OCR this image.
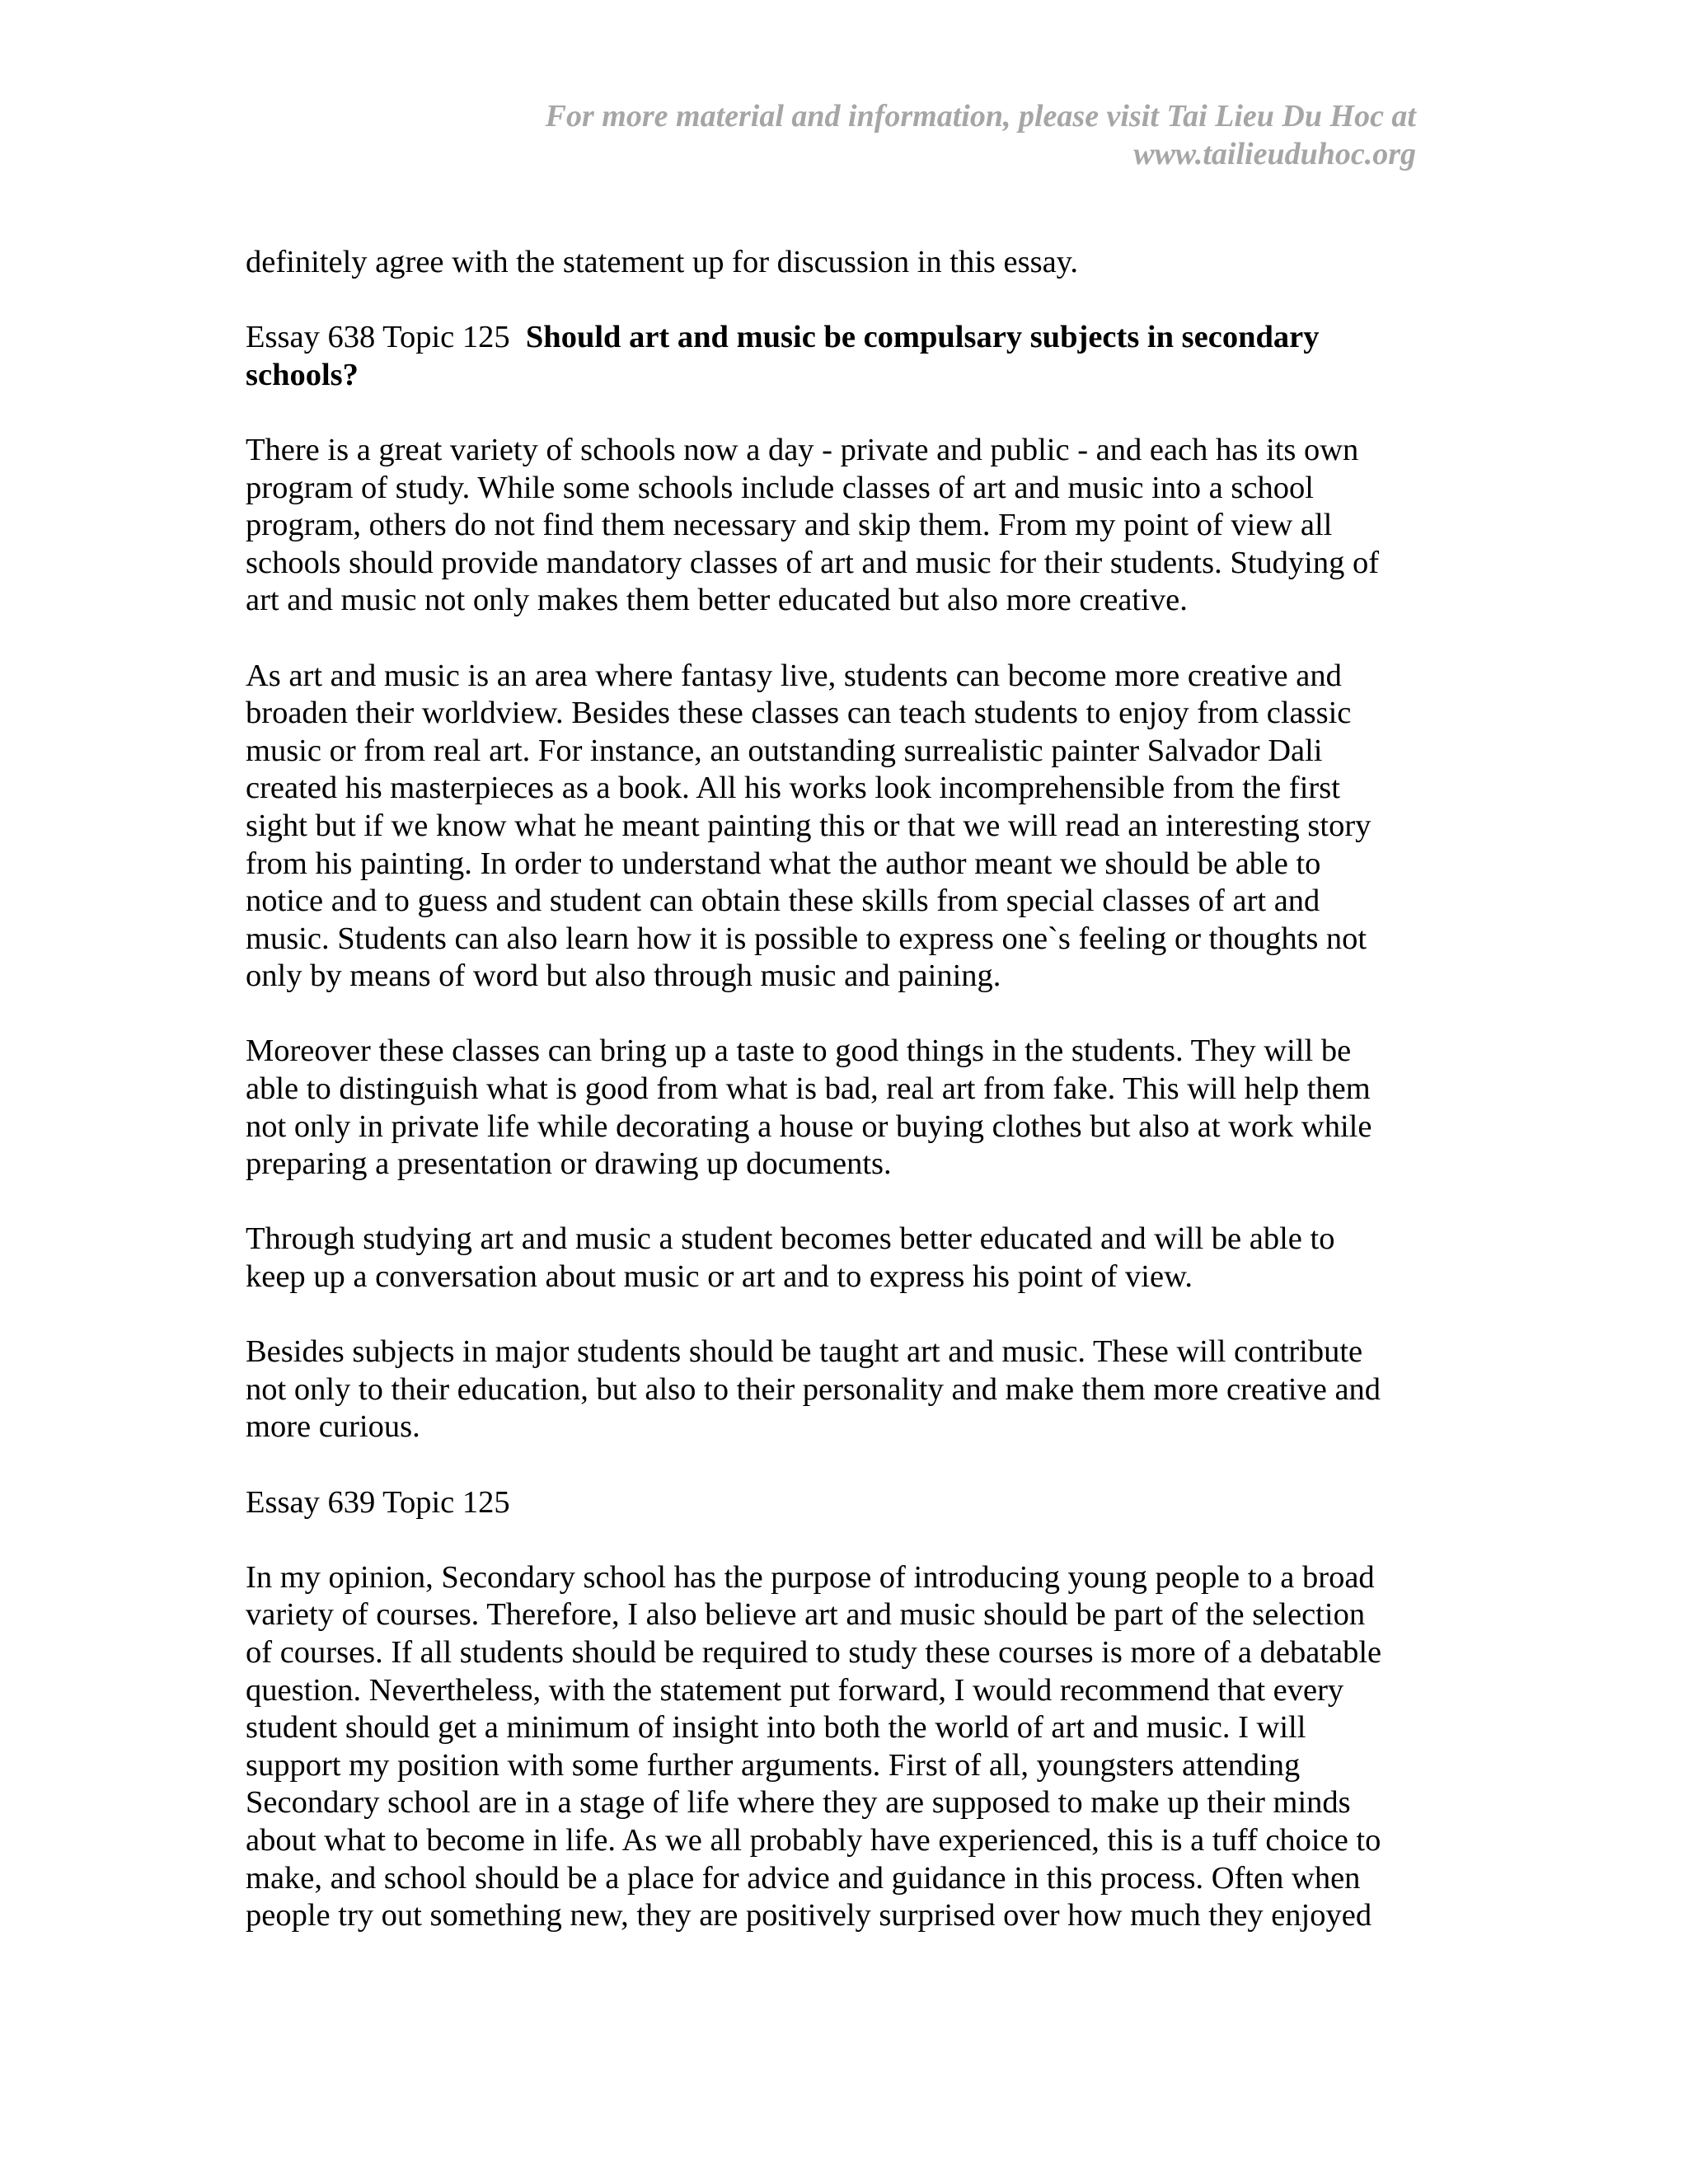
For more material and information, please visit Tai Lieu Du Hoc at
www.tailieuduhoc.org

definitely agree with the statement up for discussion in this essay.

Essay 638 Topic 125 Should art and music be compulsary subjects in secondary
schools?

There is a great variety of schools now a day - private and public - and each has its own
program of study. While some schools include classes of art and music into a school
program, others do not find them necessary and skip them. From my point of view all
schools should provide mandatory classes of art and music for their students. Studying of
art and music not only makes them better educated but also more creative.

As art and music is an area where fantasy live, students can become more creative and
broaden their worldview. Besides these classes can teach students to enjoy from classic
music or from real art. For instance, an outstanding surrealistic painter Salvador Dali
created his masterpieces as a book. All his works look incomprehensible from the first
sight but if we know what he meant painting this or that we will read an interesting story
from his painting. In order to understand what the author meant we should be able to
notice and to guess and student can obtain these skills from special classes of art and
music. Students can also learn how it is possible to express one`s feeling or thoughts not
only by means of word but also through music and paining.

Moreover these classes can bring up a taste to good things in the students. They will be
able to distinguish what is good from what is bad, real art from fake. This will help them
not only in private life while decorating a house or buying clothes but also at work while
preparing a presentation or drawing up documents.

Through studying art and music a student becomes better educated and will be able to
keep up a conversation about music or art and to express his point of view.

Besides subjects in major students should be taught art and music. These will contribute
not only to their education, but also to their personality and make them more creative and
more curious.

Essay 639 Topic 125

In my opinion, Secondary school has the purpose of introducing young people to a broad
variety of courses. Therefore, I also believe art and music should be part of the selection
of courses. If all students should be required to study these courses is more of a debatable
question. Nevertheless, with the statement put forward, I would recommend that every
student should get a minimum of insight into both the world of art and music. I will
support my position with some further arguments. First of all, youngsters attending
Secondary school are in a stage of life where they are supposed to make up their minds
about what to become in life. As we all probably have experienced, this is a tuff choice to
make, and school should be a place for advice and guidance in this process. Often when
people try out something new, they are positively surprised over how much they enjoyed
